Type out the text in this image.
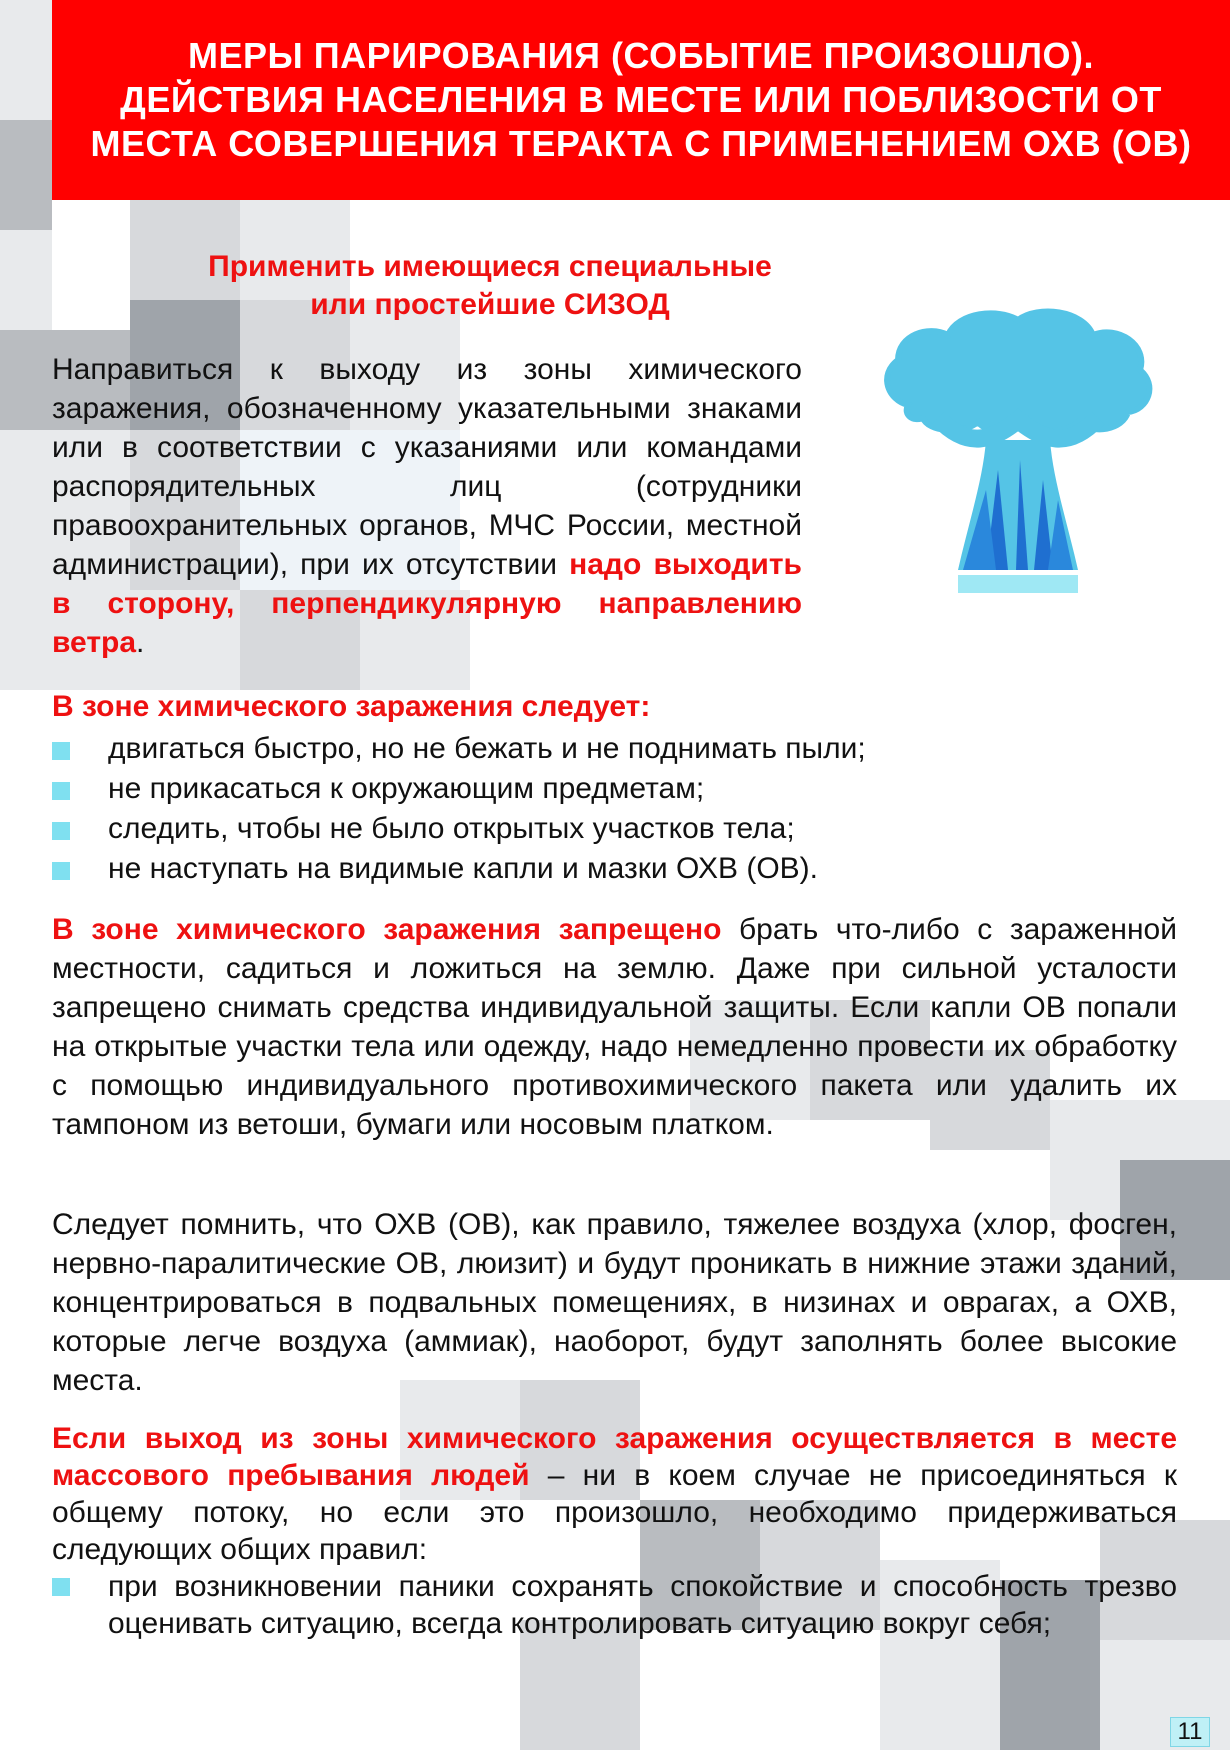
МЕРЫ ПАРИРОВАНИЯ (СОБЫТИЕ ПРОИЗОШЛО).
ДЕЙСТВИЯ НАСЕЛЕНИЯ В МЕСТЕ ИЛИ ПОБЛИЗОСТИ ОТ
МЕСТА СОВЕРШЕНИЯ ТЕРАКТА С ПРИМЕНЕНИЕМ ОХВ (ОВ)
Применить имеющиеся специальные
или простейшие СИЗОД
Направиться к выходу из зоны химического заражения, обозначенному указательными знаками или в соответствии с указаниями или командами распорядительных лиц (сотрудники правоохранительных органов, МЧС России, местной администрации), при их отсутствии надо выходить в сторону, перпендикулярную направлению ветра.
В зоне химического заражения следует:
двигаться быстро, но не бежать и не поднимать пыли;
не прикасаться к окружающим предметам;
следить, чтобы не было открытых участков тела;
не наступать на видимые капли и мазки ОХВ (ОВ).
В зоне химического заражения запрещено брать что-либо с зараженной местности, садиться и ложиться на землю. Даже при сильной усталости запрещено снимать средства индивидуальной защиты. Если капли ОВ попали на открытые участки тела или одежду, надо немедленно провести их обработку с помощью индивидуального противохимического пакета или удалить их тампоном из ветоши, бумаги или носовым платком.
Следует помнить, что ОХВ (ОВ), как правило, тяжелее воздуха (хлор, фосген, нервно-паралитические ОВ, люизит) и будут проникать в нижние этажи зданий, концентрироваться в подвальных помещениях, в низинах и оврагах, а ОХВ, которые легче воздуха (аммиак), наоборот, будут заполнять более высокие места.
Если выход из зоны химического заражения осуществляется в месте массового пребывания людей – ни в коем случае не присоединяться к общему потоку, но если это произошло, необходимо придерживаться следующих общих правил:
при возникновении паники сохранять спокойствие и способность трезво оценивать ситуацию, всегда контролировать ситуацию вокруг себя;
11
